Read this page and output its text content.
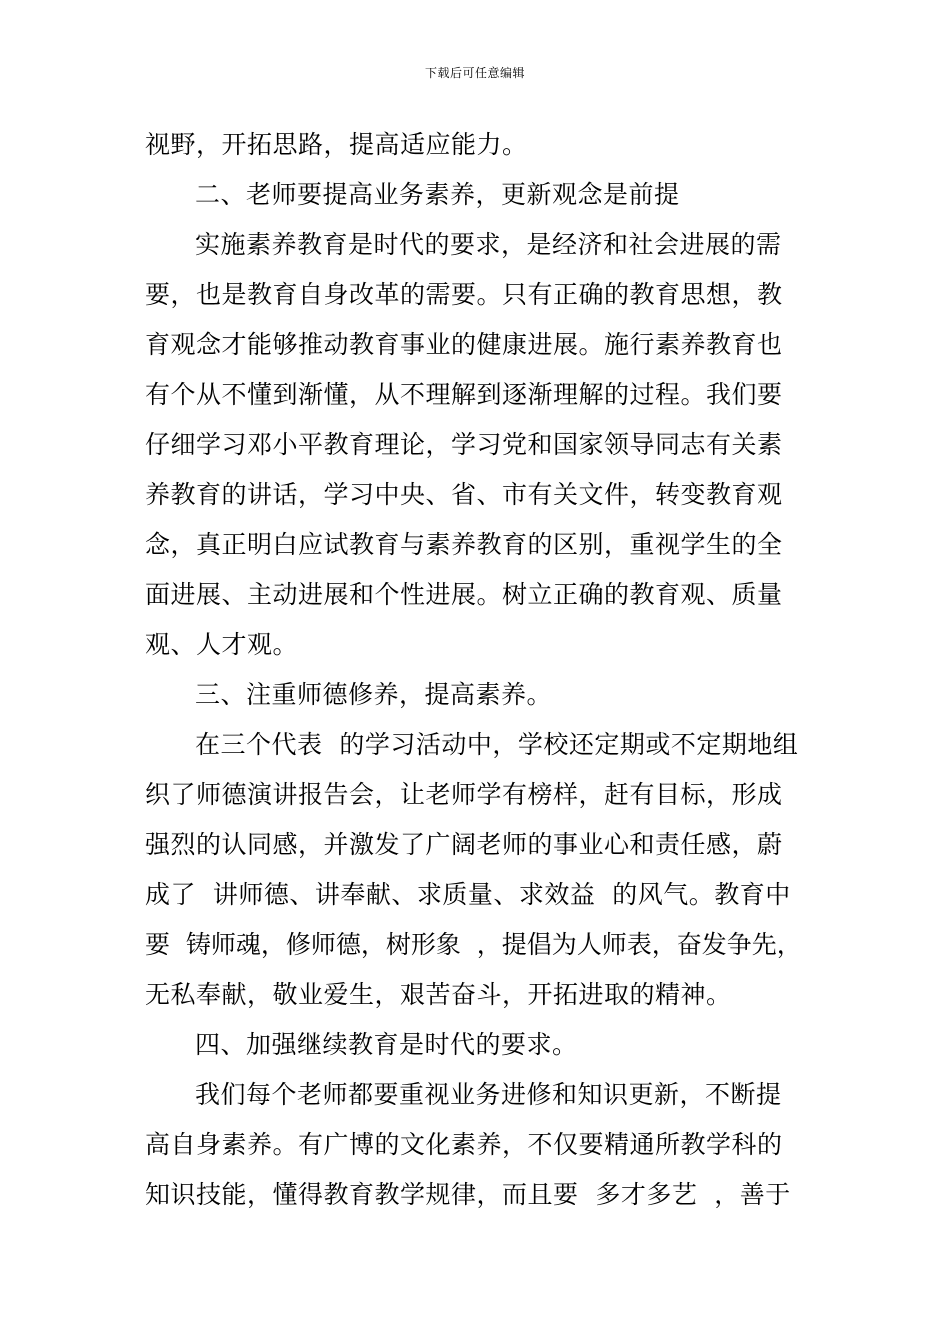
下载后可任意编辑
视野，开拓思路，提高适应能力。
二、老师要提高业务素养，更新观念是前提
实施素养教育是时代的要求，是经济和社会进展的需
要，也是教育自身改革的需要。只有正确的教育思想，教
育观念才能够推动教育事业的健康进展。施行素养教育也
有个从不懂到渐懂，从不理解到逐渐理解的过程。我们要
仔细学习邓小平教育理论，学习党和国家领导同志有关素
养教育的讲话，学习中央、省、市有关文件，转变教育观
念，真正明白应试教育与素养教育的区别，重视学生的全
面进展、主动进展和个性进展。树立正确的教育观、质量
观、人才观。
三、注重师德修养，提高素养。
在三个代表  的学习活动中，学校还定期或不定期地组
织了师德演讲报告会，让老师学有榜样，赶有目标，形成
强烈的认同感，并激发了广阔老师的事业心和责任感，蔚
成了  讲师德、讲奉献、求质量、求效益  的风气。教育中
要  铸师魂，修师德，树形象  ，提倡为人师表，奋发争先，
无私奉献，敬业爱生，艰苦奋斗，开拓进取的精神。
四、加强继续教育是时代的要求。
我们每个老师都要重视业务进修和知识更新，不断提
高自身素养。有广博的文化素养，不仅要精通所教学科的
知识技能，懂得教育教学规律，而且要  多才多艺  ，善于
